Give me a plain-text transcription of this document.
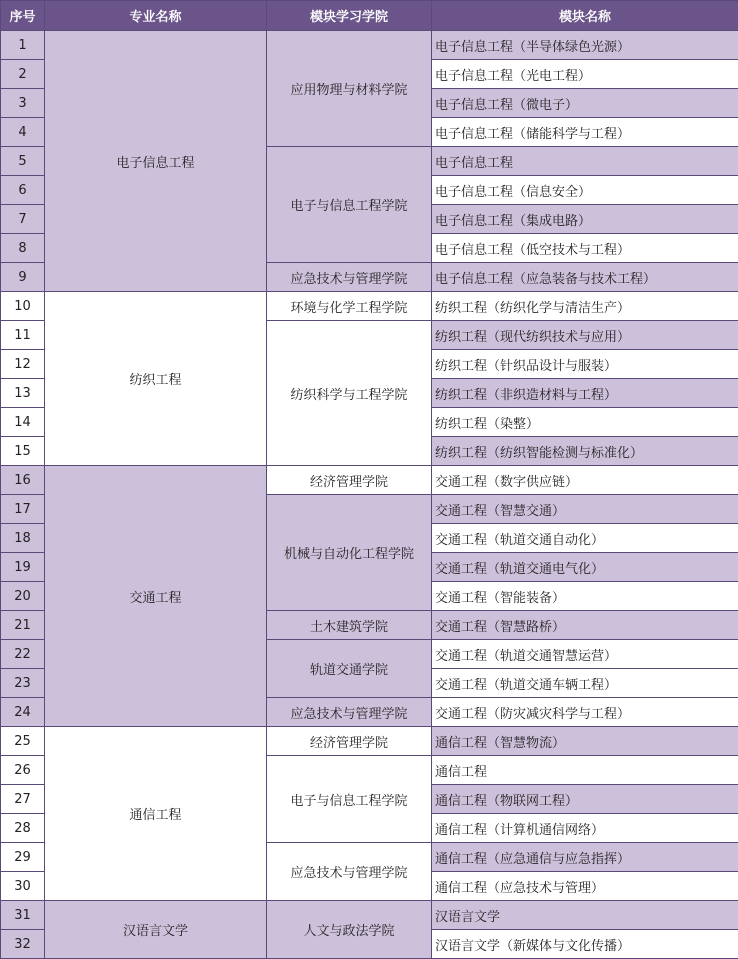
序号	专业名称	模块学习学院	模块名称
1	电子信息工程	应用物理与材料学院	电子信息工程（半导体绿色光源）
2			电子信息工程（光电工程）
3			电子信息工程（微电子）
4			电子信息工程（储能科学与工程）
5		电子与信息工程学院	电子信息工程
6			电子信息工程（信息安全）
7			电子信息工程（集成电路）
8			电子信息工程（低空技术与工程）
9		应急技术与管理学院	电子信息工程（应急装备与技术工程）
10	纺织工程	环境与化学工程学院	纺织工程（纺织化学与清洁生产）
11		纺织科学与工程学院	纺织工程（现代纺织技术与应用）
12			纺织工程（针织品设计与服装）
13			纺织工程（非织造材料与工程）
14			纺织工程（染整）
15			纺织工程（纺织智能检测与标准化）
16	交通工程	经济管理学院	交通工程（数字供应链）
17		机械与自动化工程学院	交通工程（智慧交通）
18			交通工程（轨道交通自动化）
19			交通工程（轨道交通电气化）
20			交通工程（智能装备）
21		土木建筑学院	交通工程（智慧路桥）
22		轨道交通学院	交通工程（轨道交通智慧运营）
23			交通工程（轨道交通车辆工程）
24		应急技术与管理学院	交通工程（防灾减灾科学与工程）
25	通信工程	经济管理学院	通信工程（智慧物流）
26		电子与信息工程学院	通信工程
27			通信工程（物联网工程）
28			通信工程（计算机通信网络）
29		应急技术与管理学院	通信工程（应急通信与应急指挥）
30			通信工程（应急技术与管理）
31	汉语言文学	人文与政法学院	汉语言文学
32			汉语言文学（新媒体与文化传播）
